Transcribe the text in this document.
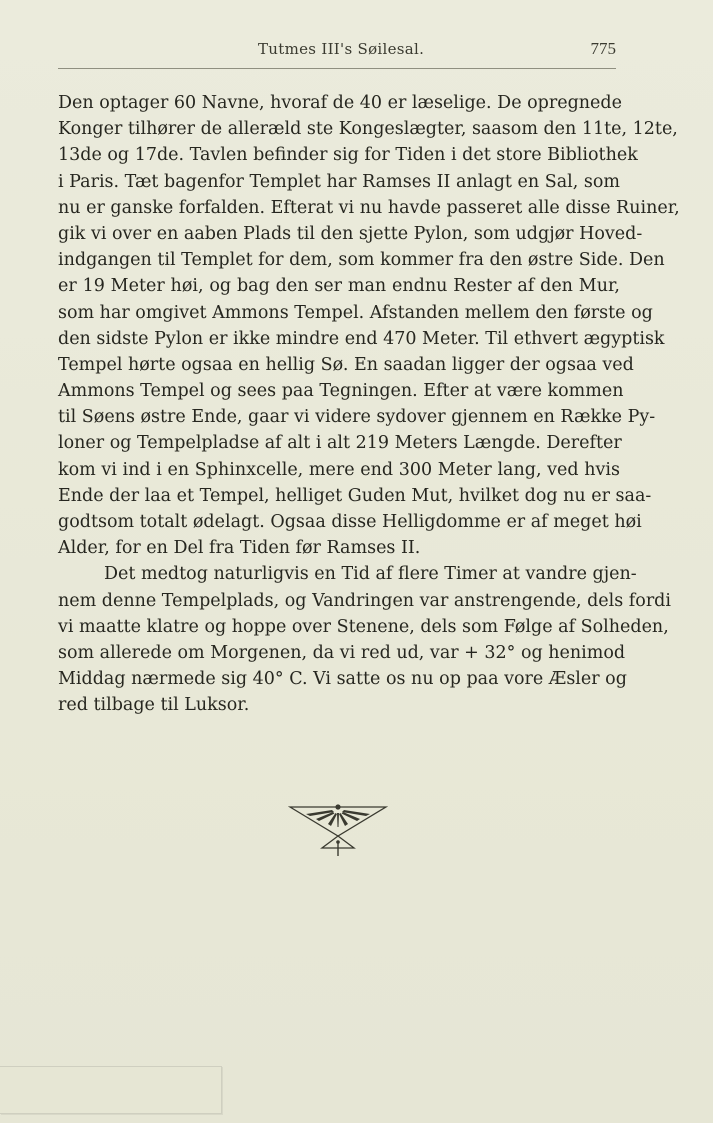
Tutmes III's Søilesal.	775
Den optager 60 Navne, hvoraf de 40 er læselige. De opregnede
Konger tilhører de alleræld ste Kongeslægter, saasom den 11te, 12te,
13de og 17de. Tavlen befinder sig for Tiden i det store Bibliothek
i Paris. Tæt bagenfor Templet har Ramses II anlagt en Sal, som
nu er ganske forfalden. Efterat vi nu havde passeret alle disse Ruiner,
gik vi over en aaben Plads til den sjette Pylon, som udgjør Hoved-
indgangen til Templet for dem, som kommer fra den østre Side. Den
er 19 Meter høi, og bag den ser man endnu Rester af den Mur,
som har omgivet Ammons Tempel. Afstanden mellem den første og
den sidste Pylon er ikke mindre end 470 Meter. Til ethvert ægyptisk
Tempel hørte ogsaa en hellig Sø. En saadan ligger der ogsaa ved
Ammons Tempel og sees paa Tegningen. Efter at være kommen
til Søens østre Ende, gaar vi videre sydover gjennem en Række Py-
loner og Tempelpladse af alt i alt 219 Meters Længde. Derefter
kom vi ind i en Sphinxcelle, mere end 300 Meter lang, ved hvis
Ende der laa et Tempel, helliget Guden Mut, hvilket dog nu er saa-
godtsom totalt ødelagt. Ogsaa disse Helligdomme er af meget høi
Alder, for en Del fra Tiden før Ramses II.
Det medtog naturligvis en Tid af flere Timer at vandre gjen-
nem denne Tempelplads, og Vandringen var anstrengende, dels fordi
vi maatte klatre og hoppe over Stenene, dels som Følge af Solheden,
som allerede om Morgenen, da vi red ud, var + 32° og henimod
Middag nærmede sig 40° C. Vi satte os nu op paa vore Æsler og
red tilbage til Luksor.
